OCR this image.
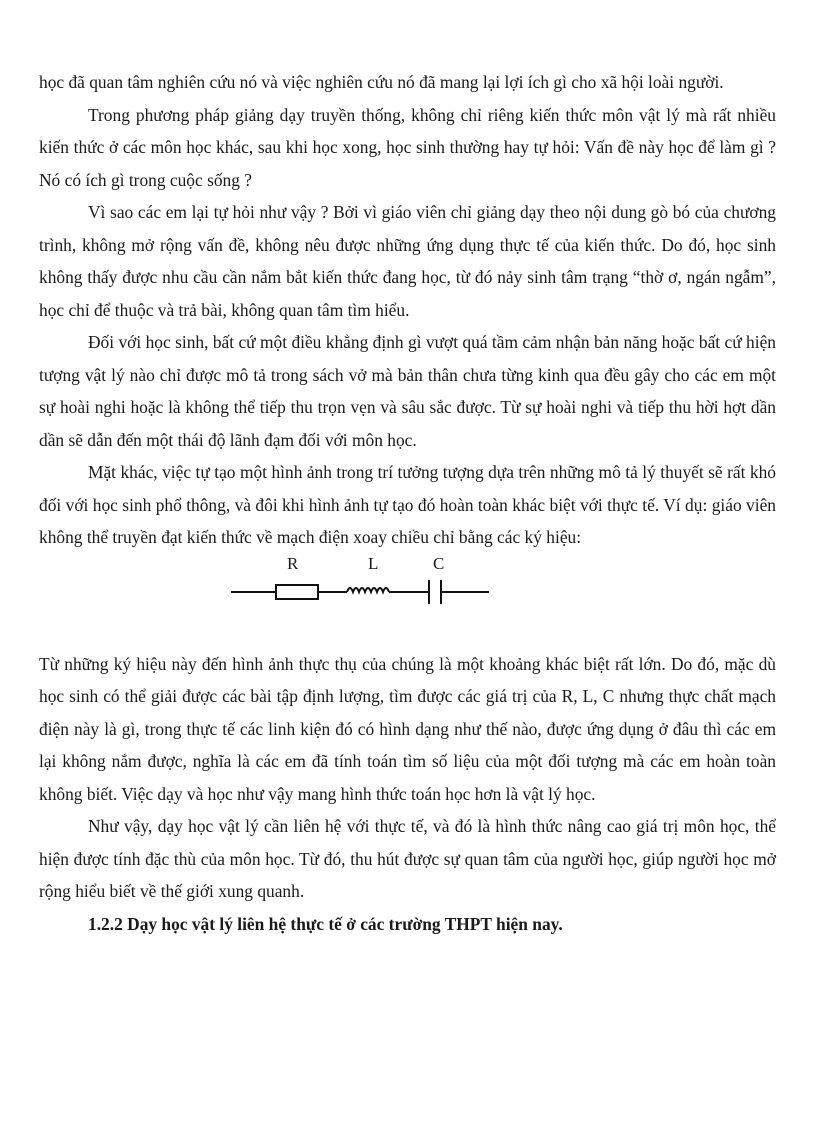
học đã quan tâm nghiên cứu nó và việc nghiên cứu nó đã mang lại lợi ích gì cho xã hội loài người.

Trong phương pháp giảng dạy truyền thống, không chỉ riêng kiến thức môn vật lý mà rất nhiều kiến thức ở các môn học khác, sau khi học xong, học sinh thường hay tự hỏi: Vấn đề này học để làm gì ? Nó có ích gì trong cuộc sống ?

Vì sao các em lại tự hỏi như vậy ? Bởi vì giáo viên chỉ giảng dạy theo nội dung gò bó của chương trình, không mở rộng vấn đề, không nêu được những ứng dụng thực tế của kiến thức. Do đó, học sinh không thấy được nhu cầu cần nắm bắt kiến thức đang học, từ đó nảy sinh tâm trạng “thờ ơ, ngán ngẫm”, học chỉ để thuộc và trả bài, không quan tâm tìm hiểu.

Đối với học sinh, bất cứ một điều khẳng định gì vượt quá tầm cảm nhận bản năng hoặc bất cứ hiện tượng vật lý nào chỉ được mô tả trong sách vở mà bản thân chưa từng kinh qua đều gây cho các em một sự hoài nghi hoặc là không thể tiếp thu trọn vẹn và sâu sắc được. Từ sự hoài nghi và tiếp thu hời hợt dần dần sẽ dẫn đến một thái độ lãnh đạm đối với môn học.

Mặt khác, việc tự tạo một hình ảnh trong trí tưởng tượng dựa trên những mô tả lý thuyết sẽ rất khó đối với học sinh phổ thông, và đôi khi hình ảnh tự tạo đó hoàn toàn khác biệt với thực tế. Ví dụ: giáo viên không thể truyền đạt kiến thức về mạch điện xoay chiều chỉ bằng các ký hiệu:

R	L	C

Từ những ký hiệu này đến hình ảnh thực thụ của chúng là một khoảng khác biệt rất lớn. Do đó, mặc dù học sinh có thể giải được các bài tập định lượng, tìm được các giá trị của R, L, C nhưng thực chất mạch điện này là gì, trong thực tế các linh kiện đó có hình dạng như thế nào, được ứng dụng ở đâu thì các em lại không nắm được, nghĩa là các em đã tính toán tìm số liệu của một đối tượng mà các em hoàn toàn không biết. Việc dạy và học như vậy mang hình thức toán học hơn là vật lý học.

Như vậy, dạy học vật lý cần liên hệ với thực tế, và đó là hình thức nâng cao giá trị môn học, thể hiện được tính đặc thù của môn học. Từ đó, thu hút được sự quan tâm của người học, giúp người học mở rộng hiểu biết về thế giới xung quanh.

1.2.2 Dạy học vật lý liên hệ thực tế ở các trường THPT hiện nay.
